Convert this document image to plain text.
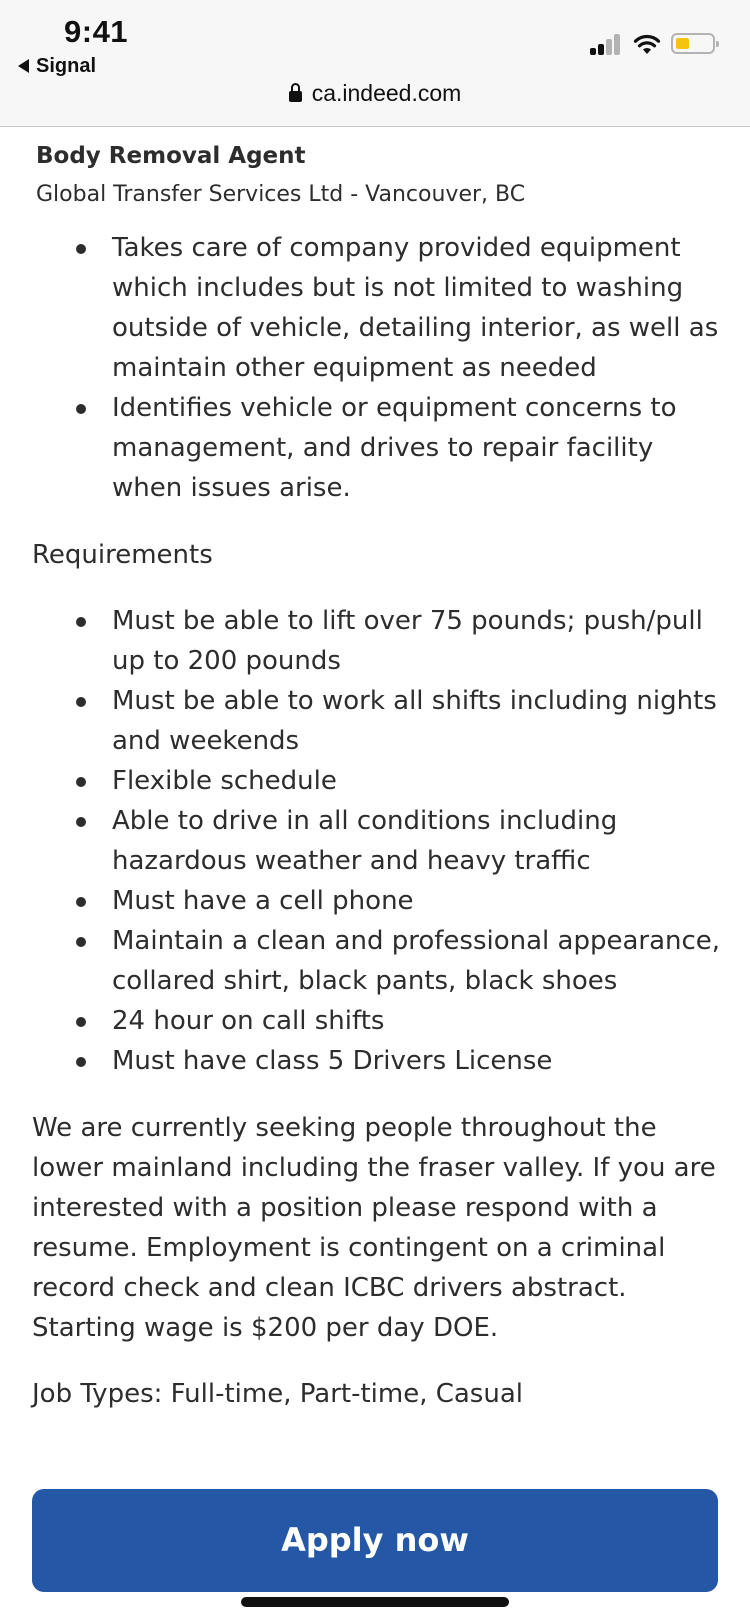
9:41
Signal
ca.indeed.com
Body Removal Agent
Global Transfer Services Ltd - Vancouver, BC
Takes care of company provided equipment which includes but is not limited to washing outside of vehicle, detailing interior, as well as maintain other equipment as needed
Identifies vehicle or equipment concerns to management, and drives to repair facility when issues arise.
Requirements
Must be able to lift over 75 pounds; push/pull up to 200 pounds
Must be able to work all shifts including nights and weekends
Flexible schedule
Able to drive in all conditions including hazardous weather and heavy traffic
Must have a cell phone
Maintain a clean and professional appearance, collared shirt, black pants, black shoes
24 hour on call shifts
Must have class 5 Drivers License

We are currently seeking people throughout the lower mainland including the fraser valley. If you are interested with a position please respond with a resume. Employment is contingent on a criminal record check and clean ICBC drivers abstract. Starting wage is $200 per day DOE.

Job Types: Full-time, Part-time, Casual

Apply now
